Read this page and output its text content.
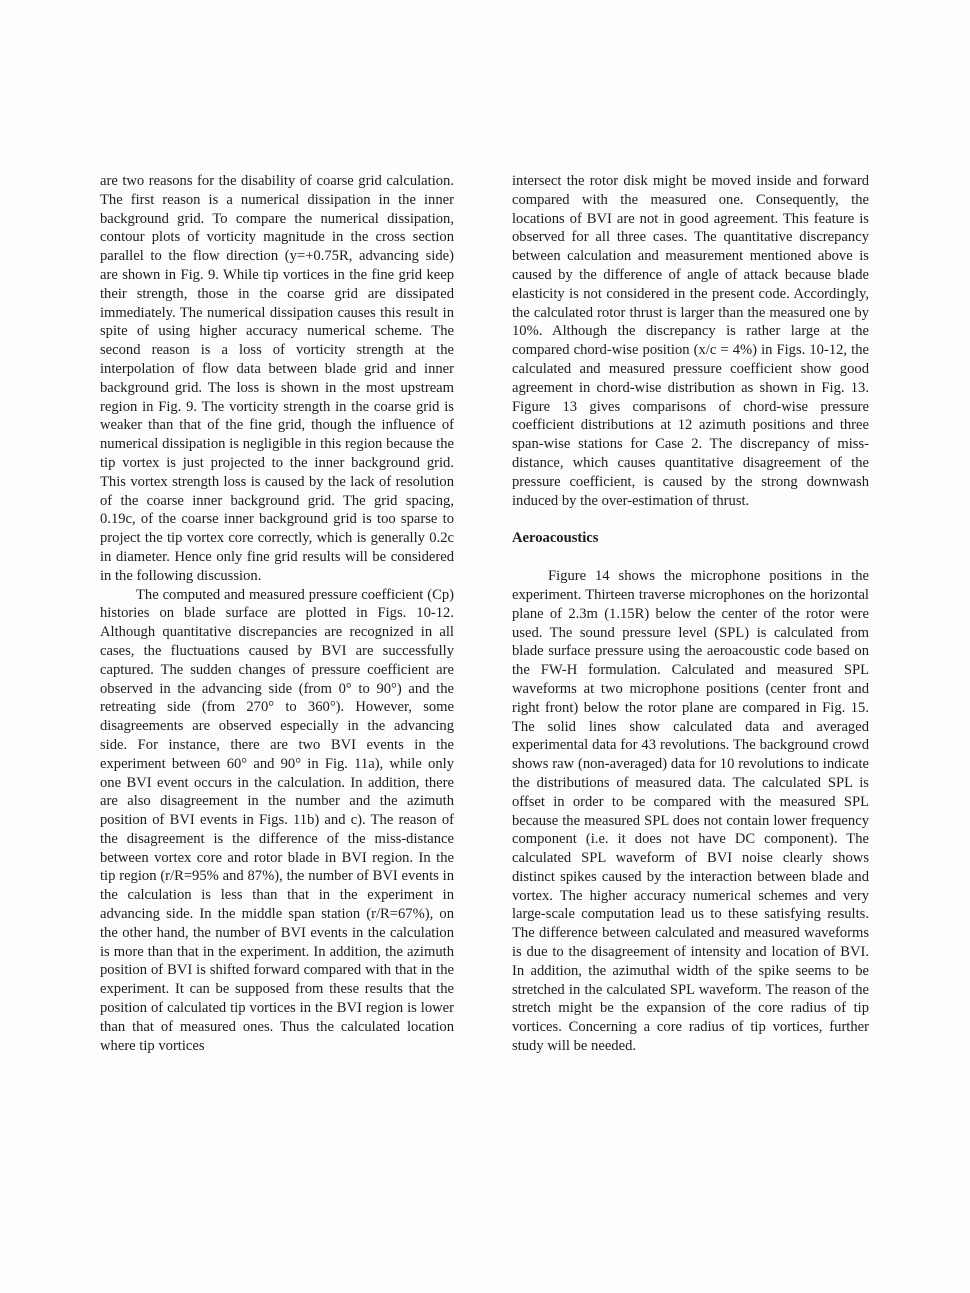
are two reasons for the disability of coarse grid calculation. The first reason is a numerical dissipation in the inner background grid. To compare the numerical dissipation, contour plots of vorticity magnitude in the cross section parallel to the flow direction (y=+0.75R, advancing side) are shown in Fig. 9. While tip vortices in the fine grid keep their strength, those in the coarse grid are dissipated immediately. The numerical dissipation causes this result in spite of using higher accuracy numerical scheme. The second reason is a loss of vorticity strength at the interpolation of flow data between blade grid and inner background grid. The loss is shown in the most upstream region in Fig. 9. The vorticity strength in the coarse grid is weaker than that of the fine grid, though the influence of numerical dissipation is negligible in this region because the tip vortex is just projected to the inner background grid. This vortex strength loss is caused by the lack of resolution of the coarse inner background grid. The grid spacing, 0.19c, of the coarse inner background grid is too sparse to project the tip vortex core correctly, which is generally 0.2c in diameter. Hence only fine grid results will be considered in the following discussion.

The computed and measured pressure coefficient (Cp) histories on blade surface are plotted in Figs. 10-12. Although quantitative discrepancies are recognized in all cases, the fluctuations caused by BVI are successfully captured. The sudden changes of pressure coefficient are observed in the advancing side (from 0° to 90°) and the retreating side (from 270° to 360°). However, some disagreements are observed especially in the advancing side. For instance, there are two BVI events in the experiment between 60° and 90° in Fig. 11a), while only one BVI event occurs in the calculation. In addition, there are also disagreement in the number and the azimuth position of BVI events in Figs. 11b) and c). The reason of the disagreement is the difference of the miss-distance between vortex core and rotor blade in BVI region. In the tip region (r/R=95% and 87%), the number of BVI events in the calculation is less than that in the experiment in advancing side. In the middle span station (r/R=67%), on the other hand, the number of BVI events in the calculation is more than that in the experiment. In addition, the azimuth position of BVI is shifted forward compared with that in the experiment. It can be supposed from these results that the position of calculated tip vortices in the BVI region is lower than that of measured ones. Thus the calculated location where tip vortices

intersect the rotor disk might be moved inside and forward compared with the measured one. Consequently, the locations of BVI are not in good agreement. This feature is observed for all three cases. The quantitative discrepancy between calculation and measurement mentioned above is caused by the difference of angle of attack because blade elasticity is not considered in the present code. Accordingly, the calculated rotor thrust is larger than the measured one by 10%. Although the discrepancy is rather large at the compared chord-wise position (x/c = 4%) in Figs. 10-12, the calculated and measured pressure coefficient show good agreement in chord-wise distribution as shown in Fig. 13. Figure 13 gives comparisons of chord-wise pressure coefficient distributions at 12 azimuth positions and three span-wise stations for Case 2. The discrepancy of miss-distance, which causes quantitative disagreement of the pressure coefficient, is caused by the strong downwash induced by the over-estimation of thrust.

Aeroacoustics

Figure 14 shows the microphone positions in the experiment. Thirteen traverse microphones on the horizontal plane of 2.3m (1.15R) below the center of the rotor were used. The sound pressure level (SPL) is calculated from blade surface pressure using the aeroacoustic code based on the FW-H formulation. Calculated and measured SPL waveforms at two microphone positions (center front and right front) below the rotor plane are compared in Fig. 15. The solid lines show calculated data and averaged experimental data for 43 revolutions. The background crowd shows raw (non-averaged) data for 10 revolutions to indicate the distributions of measured data. The calculated SPL is offset in order to be compared with the measured SPL because the measured SPL does not contain lower frequency component (i.e. it does not have DC component). The calculated SPL waveform of BVI noise clearly shows distinct spikes caused by the interaction between blade and vortex. The higher accuracy numerical schemes and very large-scale computation lead us to these satisfying results. The difference between calculated and measured waveforms is due to the disagreement of intensity and location of BVI. In addition, the azimuthal width of the spike seems to be stretched in the calculated SPL waveform. The reason of the stretch might be the expansion of the core radius of tip vortices. Concerning a core radius of tip vortices, further study will be needed.
